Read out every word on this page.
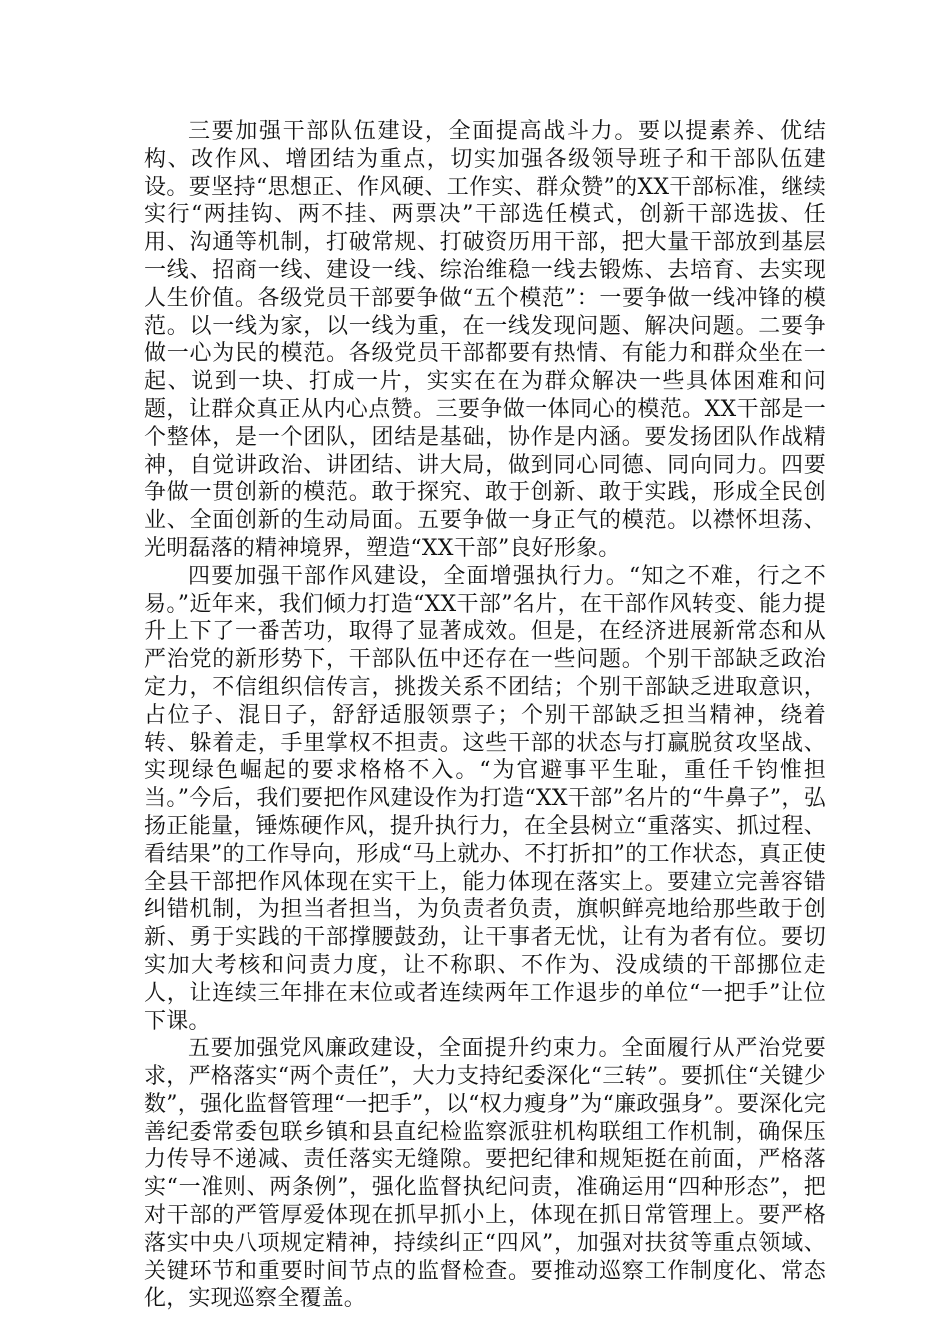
三要加强干部队伍建设，全面提高战斗力。要以提素养、优结构、改作风、增团结为重点，切实加强各级领导班子和干部队伍建设。要坚持“思想正、作风硬、工作实、群众赞”的XX干部标准，继续实行“两挂钩、两不挂、两票决”干部选任模式，创新干部选拔、任用、沟通等机制，打破常规、打破资历用干部，把大量干部放到基层一线、招商一线、建设一线、综治维稳一线去锻炼、去培育、去实现人生价值。各级党员干部要争做“五个模范”：一要争做一线冲锋的模范。以一线为家，以一线为重，在一线发现问题、解决问题。二要争做一心为民的模范。各级党员干部都要有热情、有能力和群众坐在一起、说到一块、打成一片，实实在在为群众解决一些具体困难和问题，让群众真正从内心点赞。三要争做一体同心的模范。XX干部是一个整体，是一个团队，团结是基础，协作是内涵。要发扬团队作战精神，自觉讲政治、讲团结、讲大局，做到同心同德、同向同力。四要争做一贯创新的模范。敢于探究、敢于创新、敢于实践，形成全民创业、全面创新的生动局面。五要争做一身正气的模范。以襟怀坦荡、光明磊落的精神境界，塑造“XX干部”良好形象。

四要加强干部作风建设，全面增强执行力。“知之不难，行之不易。”近年来，我们倾力打造“XX干部”名片，在干部作风转变、能力提升上下了一番苦功，取得了显著成效。但是，在经济进展新常态和从严治党的新形势下，干部队伍中还存在一些问题。个别干部缺乏政治定力，不信组织信传言，挑拨关系不团结；个别干部缺乏进取意识，占位子、混日子，舒舒适服领票子；个别干部缺乏担当精神，绕着转、躲着走，手里掌权不担责。这些干部的状态与打赢脱贫攻坚战、实现绿色崛起的要求格格不入。“为官避事平生耻，重任千钧惟担当。”今后，我们要把作风建设作为打造“XX干部”名片的“牛鼻子”，弘扬正能量，锤炼硬作风，提升执行力，在全县树立“重落实、抓过程、看结果”的工作导向，形成“马上就办、不打折扣”的工作状态，真正使全县干部把作风体现在实干上，能力体现在落实上。要建立完善容错纠错机制，为担当者担当，为负责者负责，旗帜鲜亮地给那些敢于创新、勇于实践的干部撑腰鼓劲，让干事者无忧，让有为者有位。要切实加大考核和问责力度，让不称职、不作为、没成绩的干部挪位走人，让连续三年排在末位或者连续两年工作退步的单位“一把手”让位下课。

五要加强党风廉政建设，全面提升约束力。全面履行从严治党要求，严格落实“两个责任”，大力支持纪委深化“三转”。要抓住“关键少数”，强化监督管理“一把手”，以“权力瘦身”为“廉政强身”。要深化完善纪委常委包联乡镇和县直纪检监察派驻机构联组工作机制，确保压力传导不递减、责任落实无缝隙。要把纪律和规矩挺在前面，严格落实“一准则、两条例”，强化监督执纪问责，准确运用“四种形态”，把对干部的严管厚爱体现在抓早抓小上，体现在抓日常管理上。要严格落实中央八项规定精神，持续纠正“四风”，加强对扶贫等重点领域、关键环节和重要时间节点的监督检查。要推动巡察工作制度化、常态化，实现巡察全覆盖。
